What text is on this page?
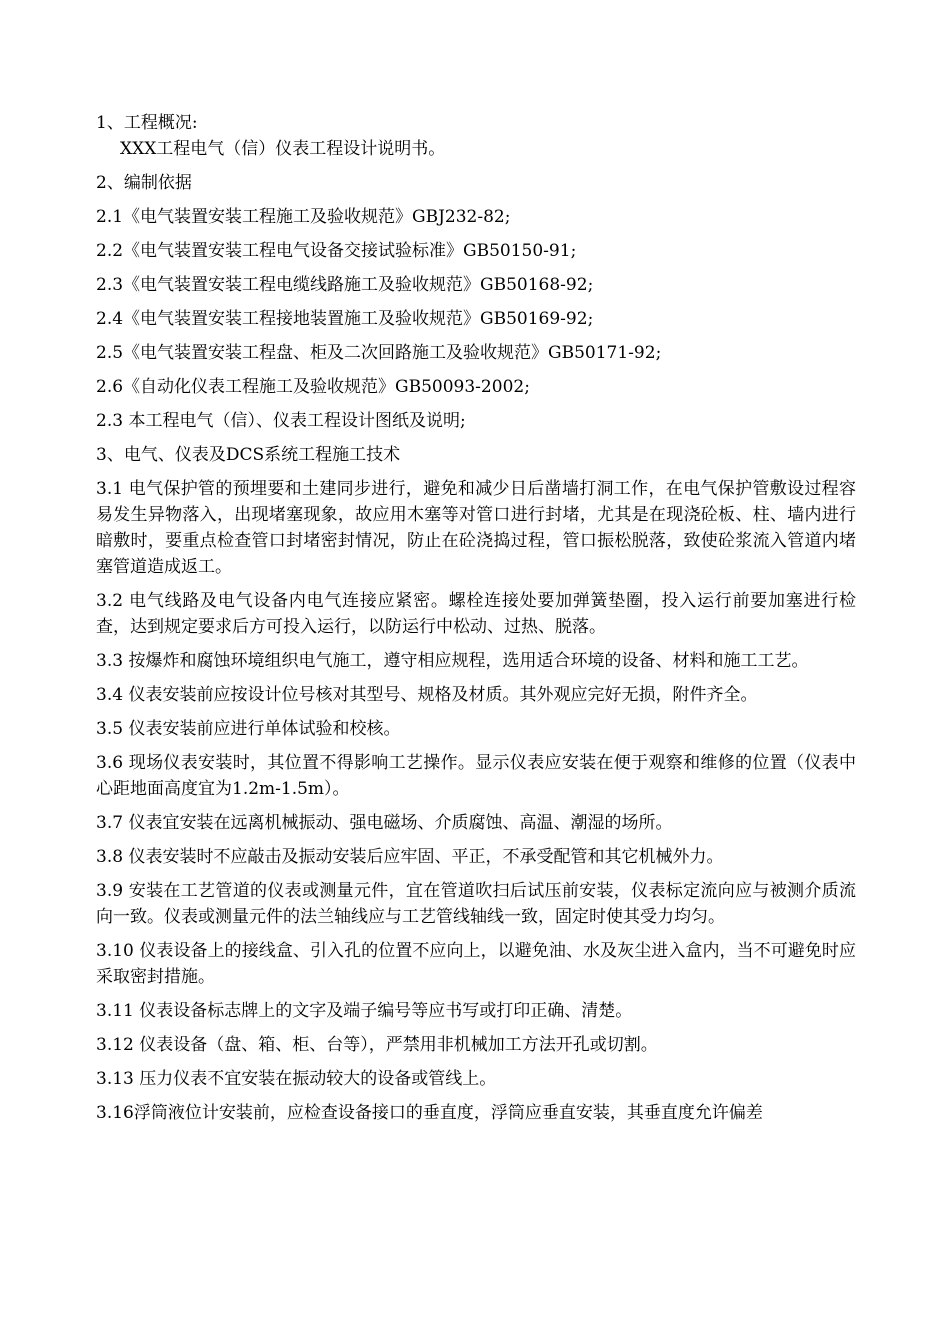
1、工程概况:

XXX工程电气（信）仪表工程设计说明书。

2、编制依据

2.1《电气装置安装工程施工及验收规范》GBJ232-82;

2.2《电气装置安装工程电气设备交接试验标准》GB50150-91;

2.3《电气装置安装工程电缆线路施工及验收规范》GB50168-92;

2.4《电气装置安装工程接地装置施工及验收规范》GB50169-92;

2.5《电气装置安装工程盘、柜及二次回路施工及验收规范》GB50171-92;

2.6《自动化仪表工程施工及验收规范》GB50093-2002;

2.3 本工程电气（信）、仪表工程设计图纸及说明;

3、电气、仪表及DCS系统工程施工技术

3.1 电气保护管的预埋要和土建同步进行，避免和减少日后凿墙打洞工作，在电气保护管敷设过程容易发生异物落入，出现堵塞现象，故应用木塞等对管口进行封堵，尤其是在现浇砼板、柱、墙内进行暗敷时，要重点检查管口封堵密封情况，防止在砼浇捣过程，管口振松脱落，致使砼浆流入管道内堵塞管道造成返工。

3.2 电气线路及电气设备内电气连接应紧密。螺栓连接处要加弹簧垫圈，投入运行前要加塞进行检查，达到规定要求后方可投入运行，以防运行中松动、过热、脱落。

3.3 按爆炸和腐蚀环境组织电气施工，遵守相应规程，选用适合环境的设备、材料和施工工艺。

3.4 仪表安装前应按设计位号核对其型号、规格及材质。其外观应完好无损，附件齐全。

3.5 仪表安装前应进行单体试验和校核。

3.6 现场仪表安装时，其位置不得影响工艺操作。显示仪表应安装在便于观察和维修的位置（仪表中心距地面高度宜为1.2m-1.5m）。

3.7 仪表宜安装在远离机械振动、强电磁场、介质腐蚀、高温、潮湿的场所。

3.8 仪表安装时不应敲击及振动安装后应牢固、平正，不承受配管和其它机械外力。

3.9 安装在工艺管道的仪表或测量元件，宜在管道吹扫后试压前安装，仪表标定流向应与被测介质流向一致。仪表或测量元件的法兰轴线应与工艺管线轴线一致，固定时使其受力均匀。

3.10 仪表设备上的接线盒、引入孔的位置不应向上，以避免油、水及灰尘进入盒内，当不可避免时应采取密封措施。

3.11 仪表设备标志牌上的文字及端子编号等应书写或打印正确、清楚。

3.12 仪表设备（盘、箱、柜、台等），严禁用非机械加工方法开孔或切割。

3.13 压力仪表不宜安装在振动较大的设备或管线上。

3.16浮筒液位计安装前，应检查设备接口的垂直度，浮筒应垂直安装，其垂直度允许偏差
